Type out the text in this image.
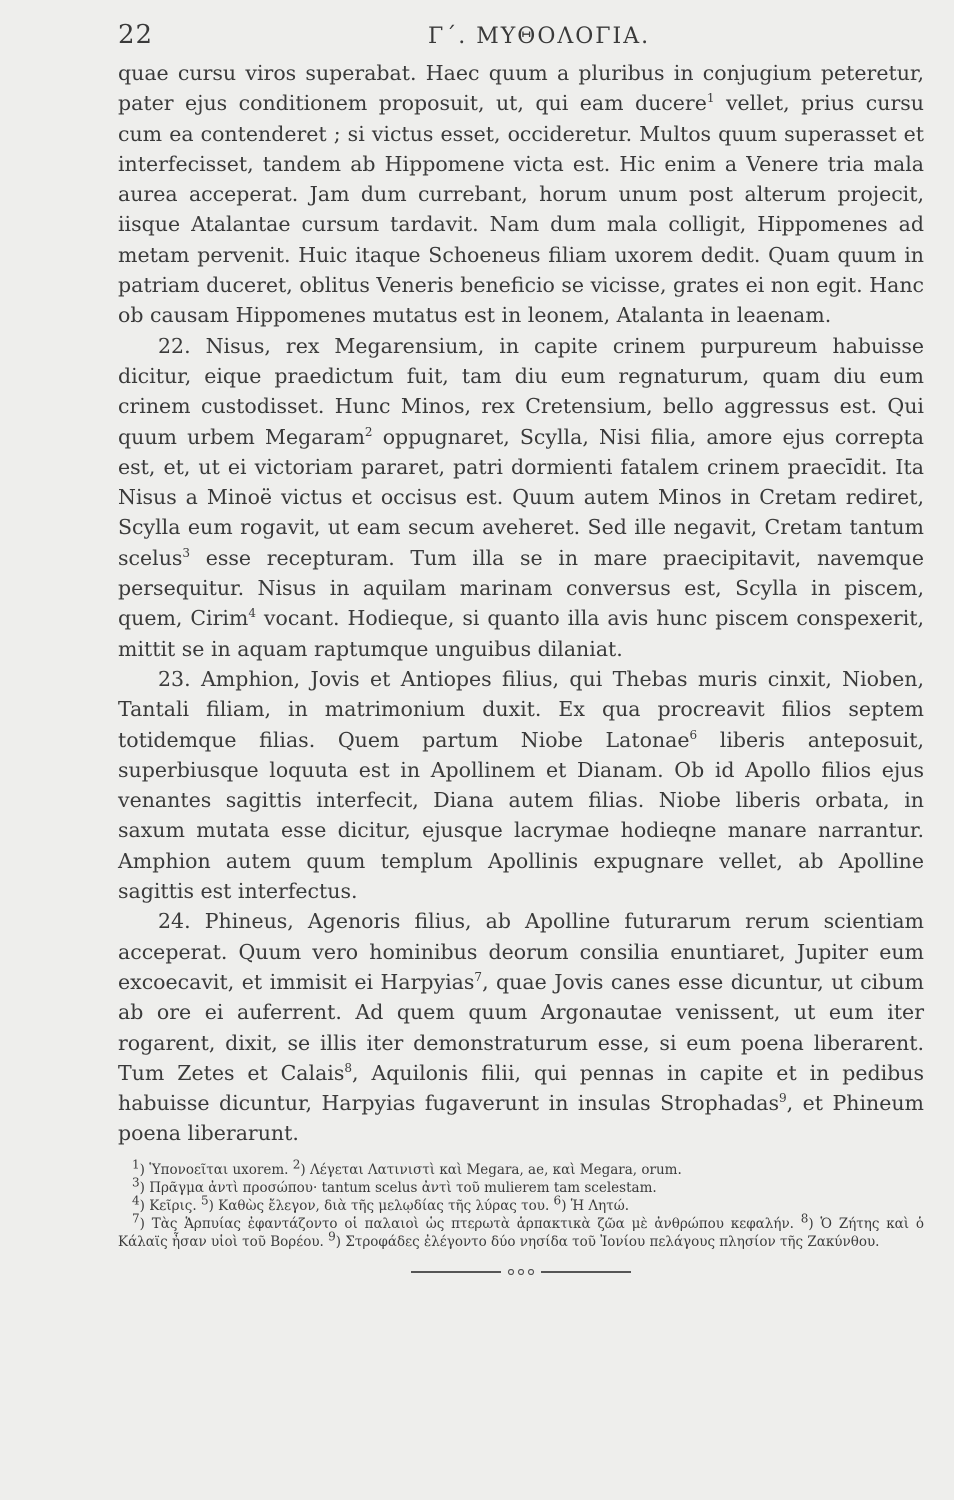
22	Γ΄. ΜΥΘΟΛΟΓΙΑ.

quae cursu viros superabat. Haec quum a pluribus in conjugium peteretur, pater ejus conditionem proposuit, ut, qui eam ducere$^1$ vellet, prius cursu cum ea contenderet ; si victus esset, occideretur. Multos quum superasset et interfecisset, tandem ab Hippomene victa est. Hic enim a Venere tria mala aurea acceperat. Jam dum currebant, horum unum post alterum projecit, iisque Atalantae cursum tardavit. Nam dum mala colligit, Hippomenes ad metam pervenit. Huic itaque Schoeneus filiam uxorem dedit. Quam quum in patriam duceret, oblitus Veneris beneficio se vicisse, grates ei non egit. Hanc ob causam Hippomenes mutatus est in leonem, Atalanta in leaenam.

22. Nisus, rex Megarensium, in capite crinem purpureum habuisse dicitur, eique praedictum fuit, tam diu eum regnaturum, quam diu eum crinem custodisset. Hunc Minos, rex Cretensium, bello aggressus est. Qui quum urbem Megaram$^2$ oppugnaret, Scylla, Nisi filia, amore ejus correpta est, et, ut ei victoriam pararet, patri dormienti fatalem crinem praecīdit. Ita Nisus a Minoë victus et occisus est. Quum autem Minos in Cretam rediret, Scylla eum rogavit, ut eam secum aveheret. Sed ille negavit, Cretam tantum scelus$^3$ esse recepturam. Tum illa se in mare praecipitavit, navemque persequitur. Nisus in aquilam marinam conversus est, Scylla in piscem, quem, Cirim$^4$ vocant. Hodieque, si quanto illa avis hunc piscem conspexerit, mittit se in aquam raptumque unguibus dilaniat.

23. Amphion, Jovis et Antiopes filius, qui Thebas muris cinxit, Nioben, Tantali filiam, in matrimonium duxit. Ex qua procreavit filios septem totidemque filias. Quem partum Niobe Latonae$^6$ liberis anteposuit, superbiusque loquuta est in Apollinem et Dianam. Ob id Apollo filios ejus venantes sagittis interfecit, Diana autem filias. Niobe liberis orbata, in saxum mutata esse dicitur, ejusque lacrymae hodieqne manare narrantur. Amphion autem quum templum Apollinis expugnare vellet, ab Apolline sagittis est interfectus.

24. Phineus, Agenoris filius, ab Apolline futurarum rerum scientiam acceperat. Quum vero hominibus deorum consilia enuntiaret, Jupiter eum excoecavit, et immisit ei Harpyias$^7$, quae Jovis canes esse dicuntur, ut cibum ab ore ei auferrent. Ad quem quum Argonautae venissent, ut eum iter rogarent, dixit, se illis iter demonstraturum esse, si eum poena liberarent. Tum Zetes et Calais$^8$, Aquilonis filii, qui pennas in capite et in pedibus habuisse dicuntur, Harpyias fugaverunt in insulas Strophadas$^9$, et Phineum poena liberarunt.

$^1$) Ὑπονοεῖται uxorem. $^2$) Λέγεται Λατινιστὶ καὶ Megara, ae, καὶ Megara, orum.

$^3$) Πρᾶγμα ἀντὶ προσώπου· tantum scelus ἀντὶ τοῦ mulierem tam scelestam.

$^4$) Κεῖρις. $^5$) Καθὼς ἔλεγον, διὰ τῆς μελῳδίας τῆς λύρας του. $^6$) Ἡ Λητώ.

$^7$) Τὰς Ἁρπυίας ἐφαντάζοντο οἱ παλαιοὶ ὡς πτερωτὰ ἁρπακτικὰ ζῶα μὲ ἀνθρώπου κεφαλήν. $^8$) Ὁ Ζήτης καὶ ὁ Κάλαϊς ἦσαν υἱοὶ τοῦ Βορέου. $^9$) Στροφάδες ἐλέγοντο δύο νησίδα τοῦ Ἰονίου πελάγους πλησίον τῆς Ζακύνθου.
